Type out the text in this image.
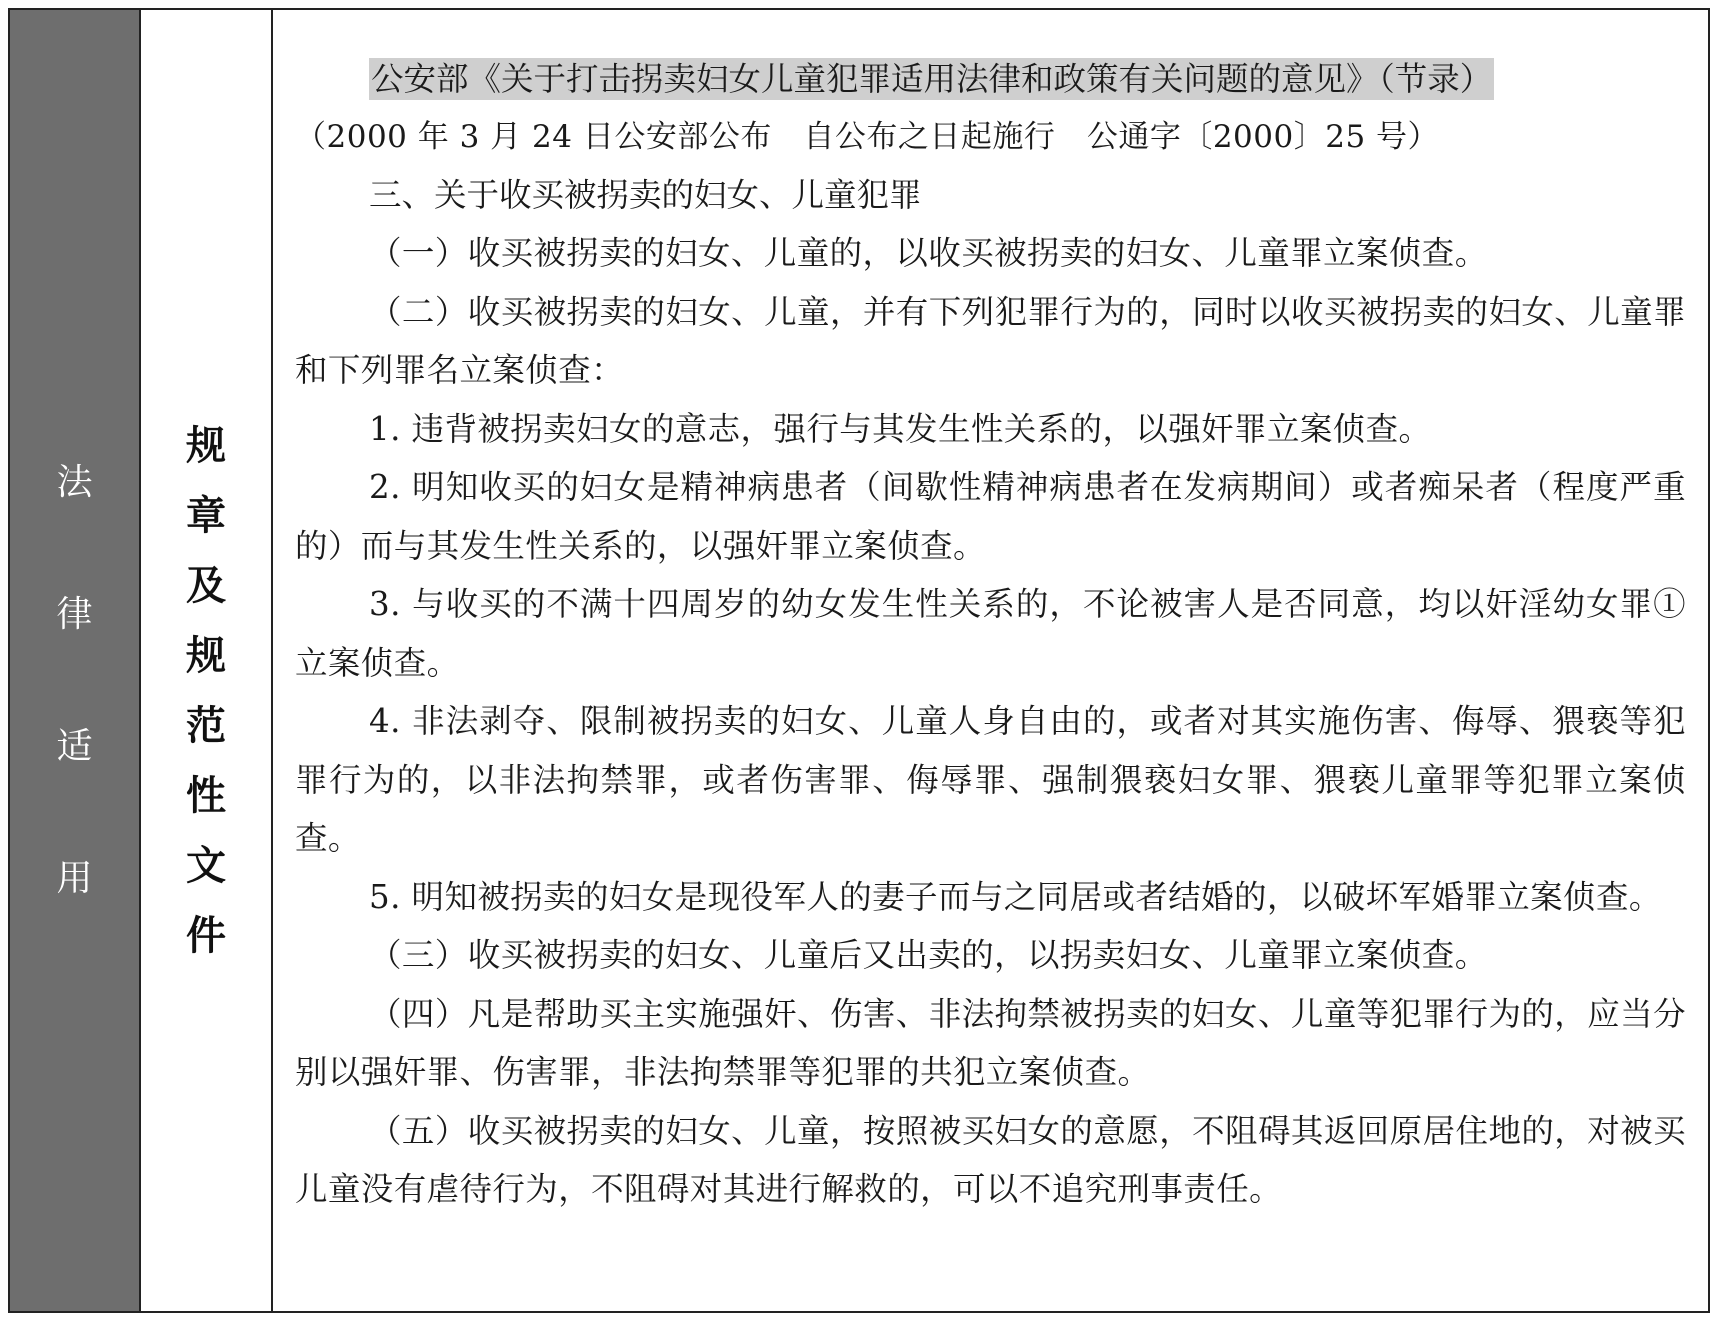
法
律
适
用
规
章
及
规
范
性
文
件

公安部《关于打击拐卖妇女儿童犯罪适用法律和政策有关问题的意见》（节录）

（2000 年 3 月 24 日公安部公布　自公布之日起施行　公通字〔2000〕25 号）

三、关于收买被拐卖的妇女、儿童犯罪

（一）收买被拐卖的妇女、儿童的，以收买被拐卖的妇女、儿童罪立案侦查。

（二）收买被拐卖的妇女、儿童，并有下列犯罪行为的，同时以收买被拐卖的妇女、儿童罪和下列罪名立案侦查：

1. 违背被拐卖妇女的意志，强行与其发生性关系的，以强奸罪立案侦查。

2. 明知收买的妇女是精神病患者（间歇性精神病患者在发病期间）或者痴呆者（程度严重的）而与其发生性关系的，以强奸罪立案侦查。

3. 与收买的不满十四周岁的幼女发生性关系的，不论被害人是否同意，均以奸淫幼女罪①立案侦查。

4. 非法剥夺、限制被拐卖的妇女、儿童人身自由的，或者对其实施伤害、侮辱、猥亵等犯罪行为的，以非法拘禁罪，或者伤害罪、侮辱罪、强制猥亵妇女罪、猥亵儿童罪等犯罪立案侦查。

5. 明知被拐卖的妇女是现役军人的妻子而与之同居或者结婚的，以破坏军婚罪立案侦查。

（三）收买被拐卖的妇女、儿童后又出卖的，以拐卖妇女、儿童罪立案侦查。

（四）凡是帮助买主实施强奸、伤害、非法拘禁被拐卖的妇女、儿童等犯罪行为的，应当分别以强奸罪、伤害罪，非法拘禁罪等犯罪的共犯立案侦查。

（五）收买被拐卖的妇女、儿童，按照被买妇女的意愿，不阻碍其返回原居住地的，对被买儿童没有虐待行为，不阻碍对其进行解救的，可以不追究刑事责任。
